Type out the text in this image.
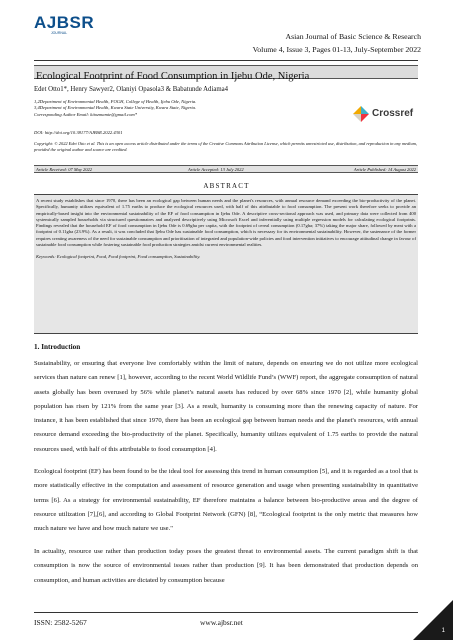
AJBSR
JOURNAL	Asian Journal of Basic Science & Research
Volume 4, Issue 3, Pages 01-13, July-September 2022
Ecological Footprint of Food Consumption in Ijebu Ode, Nigeria
Edet Otto1*, Henry Sawyer2, Olaniyi Opasola3 & Babatunde Adiama4
1,2Department of Environmental Health, FOGH, College of Health, Ijebu Ode, Nigeria.
3,4Department of Environmental Health, Kwara State University, Kwara State, Nigeria.
Corresponding Author Email: kitozmamie@gmail.com*	Crossref
DOI: http://doi.org/10.38177/AJBSR.2022.4301
Copyright: © 2022 Edet Otto et al. This is an open access article distributed under the terms of the Creative Commons Attribution License, which permits unrestricted use, distribution, and reproduction in any medium, provided the original author and source are credited.
Article Received: 07 May 2022	Article Accepted: 13 July 2022	Article Published: 14 August 2022
ABSTRACT
A recent study establishes that since 1970, there has been an ecological gap between human needs and the planet's resources, with annual resource demand exceeding the bio-productivity of the planet. Specifically, humanity utilizes equivalent of 1.75 earths to produce the ecological resources used, with half of this attributable to food consumption. The present work therefore seeks to provide an empirically-based insight into the environmental sustainability of the EF of food consumption in Ijebu Ode. A descriptive cross-sectional approach was used, and primary data were collected from 400 systemically sampled households via structured questionnaires and analyzed descriptively using Microsoft Excel and inferentially using multiple regression models for calculating ecological footprints. Findings revealed that the household EF of food consumption in Ijebu Ode is 0.69gha per capita, with the footprint of cereal consumption (0.17gha; 37%) taking the major share, followed by meat with a footprint of 0.11gha (23.9%). As a result, it was concluded that Ijebu Ode has sustainable food consumption, which is necessary for its environmental sustainability. However, the sustenance of the former requires creating awareness of the need for sustainable consumption and prioritisation of integrated and population-wide policies and food intervention initiatives to encourage attitudinal change in favour of sustainable food consumption while fostering sustainable food production strategies amidst current environmental realities.
Keywords: Ecological footprint, Food, Food footprint, Food consumption, Sustainability.
1. Introduction
Sustainability, or ensuring that everyone live comfortably within the limit of nature, depends on ensuring we do not utilize more ecological services than nature can renew [1], however, according to the recent World Wildlife Fund’s (WWF) report, the aggregate consumption of natural assets globally has been overused by 56% while planet’s natural assets has reduced by over 68% since 1970 [2], while humanity global population has risen by 121% from the same year [3]. As a result, humanity is consuming more than the renewing capacity of nature. For instance, it has been established that since 1970, there has been an ecological gap between human needs and the planet's resources, with annual resource demand exceeding the bio-productivity of the planet. Specifically, humanity utilizes equivalent of 1.75 earths to provide the natural resources used, with half of this attributable to food consumption [4].
Ecological footprint (EF) has been found to be the ideal tool for assessing this trend in human consumption [5], and it is regarded as a tool that is more statistically effective in the computation and assessment of resource generation and usage when presenting sustainability in quantitative terms [6]. As a strategy for environmental sustainability, EF therefore maintains a balance between bio-productive areas and the degree of resource utilization [7],[6], and according to Global Footprint Network (GFN) [8], “Ecological footprint is the only metric that measures how much nature we have and how much nature we use."
In actuality, resource use rather than production today poses the greatest threat to environmental assets. The current paradigm shift is that consumption is now the source of environmental issues rather than production [9]. It has been demonstrated that production depends on consumption, and human activities are dictated by consumption because
ISSN: 2582-5267	www.ajbsr.net
1
